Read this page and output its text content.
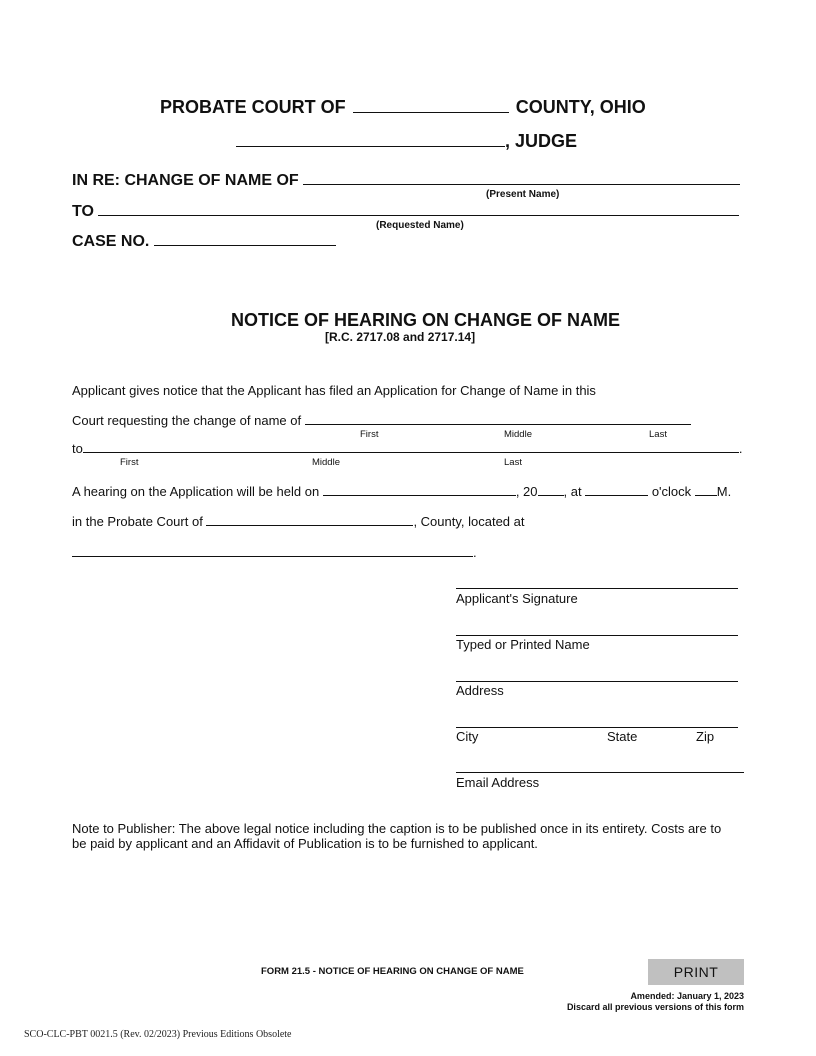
PROBATE COURT OF	COUNTY, OHIO
, JUDGE
IN RE: CHANGE OF NAME OF
(Present Name)
TO
(Requested Name)
CASE NO.
NOTICE OF HEARING ON CHANGE OF NAME
[R.C. 2717.08 and 2717.14]
Applicant gives notice that the Applicant has filed an Application for Change of Name in this
Court requesting the change of name of
First	Middle	Last
to	.
First	Middle	Last
A hearing on the Application will be held on	, 20 , at	o'clock M.
in the Probate Court of	, County, located at
.
Applicant's Signature
Typed or Printed Name
Address
City	State	Zip
Email Address
Note to Publisher: The above legal notice including the caption is to be published once in its entirety. Costs are to
be paid by applicant and an Affidavit of Publication is to be furnished to applicant.
FORM 21.5 - NOTICE OF HEARING ON CHANGE OF NAME	PRINT
Amended: January 1, 2023
Discard all previous versions of this form
SCO-CLC-PBT 0021.5 (Rev. 02/2023) Previous Editions Obsolete
